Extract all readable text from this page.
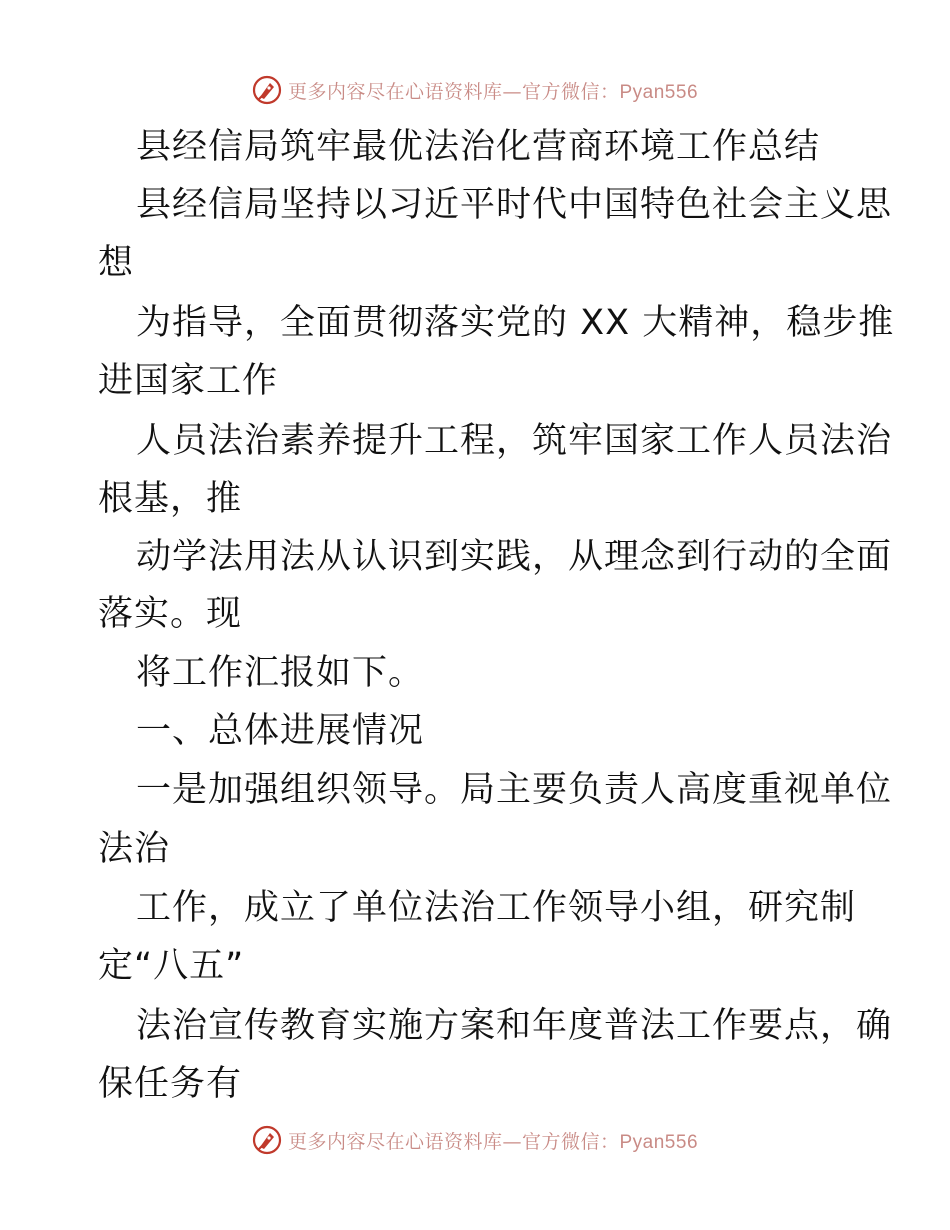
更多内容尽在心语资料库—官方微信：Pyan556
县经信局筑牢最优法治化营商环境工作总结
县经信局坚持以习近平时代中国特色社会主义思
想
为指导，全面贯彻落实党的 XX 大精神，稳步推
进国家工作
人员法治素养提升工程，筑牢国家工作人员法治
根基，推
动学法用法从认识到实践，从理念到行动的全面
落实。现
将工作汇报如下。
一、总体进展情况
一是加强组织领导。局主要负责人高度重视单位
法治
工作，成立了单位法治工作领导小组，研究制
定“八五”
法治宣传教育实施方案和年度普法工作要点，确
保任务有
更多内容尽在心语资料库—官方微信：Pyan556
